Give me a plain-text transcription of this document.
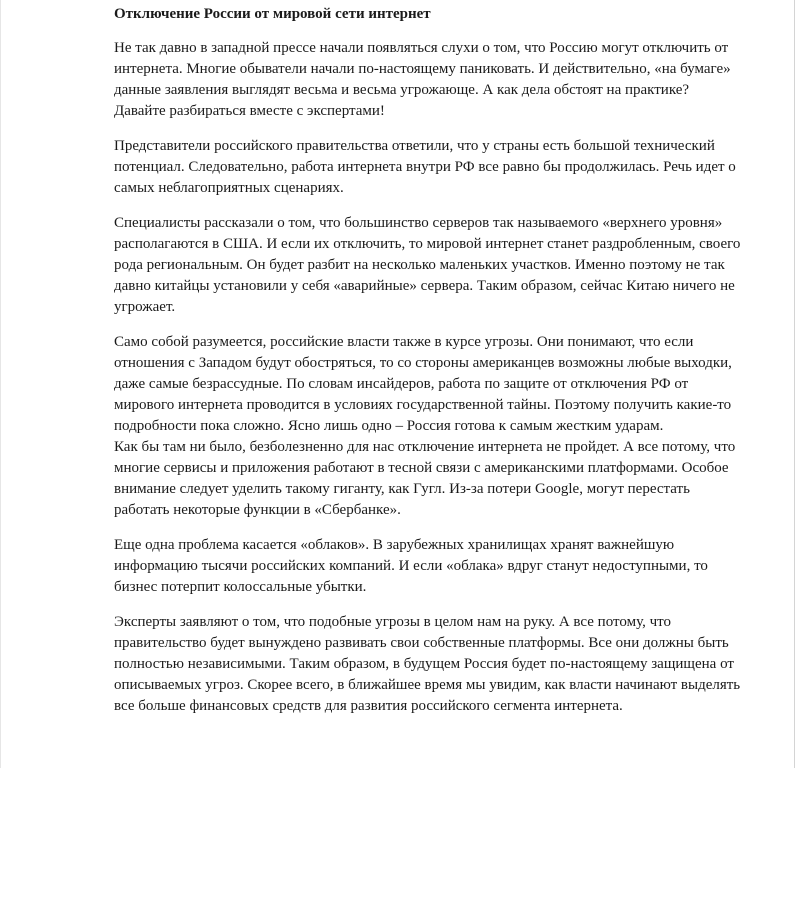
Отключение России от мировой сети интернет

Не так давно в западной прессе начали появляться слухи о том, что Россию могут отключить от интернета. Многие обыватели начали по-настоящему паниковать. И действительно, «на бумаге» данные заявления выглядят весьма и весьма угрожающе. А как дела обстоят на практике? Давайте разбираться вместе с экспертами!

Представители российского правительства ответили, что у страны есть большой технический потенциал. Следовательно, работа интернета внутри РФ все равно бы продолжилась. Речь идет о самых неблагоприятных сценариях.

Специалисты рассказали о том, что большинство серверов так называемого «верхнего уровня» располагаются в США. И если их отключить, то мировой интернет станет раздробленным, своего рода региональным. Он будет разбит на несколько маленьких участков. Именно поэтому не так давно китайцы установили у себя «аварийные» сервера. Таким образом, сейчас Китаю ничего не угрожает.

Само собой разумеется, российские власти также в курсе угрозы. Они понимают, что если отношения с Западом будут обостряться, то со стороны американцев возможны любые выходки, даже самые безрассудные. По словам инсайдеров, работа по защите от отключения РФ от мирового интернета проводится в условиях государственной тайны. Поэтому получить какие-то подробности пока сложно. Ясно лишь одно – Россия готова к самым жестким ударам.

Как бы там ни было, безболезненно для нас отключение интернета не пройдет. А все потому, что многие сервисы и приложения работают в тесной связи с американскими платформами. Особое внимание следует уделить такому гиганту, как Гугл. Из-за потери Google, могут перестать работать некоторые функции в «Сбербанке».

Еще одна проблема касается «облаков». В зарубежных хранилищах хранят важнейшую информацию тысячи российских компаний. И если «облака» вдруг станут недоступными, то бизнес потерпит колоссальные убытки.

Эксперты заявляют о том, что подобные угрозы в целом нам на руку. А все потому, что правительство будет вынуждено развивать свои собственные платформы. Все они должны быть полностью независимыми. Таким образом, в будущем Россия будет по-настоящему защищена от описываемых угроз. Скорее всего, в ближайшее время мы увидим, как власти начинают выделять все больше финансовых средств для развития российского сегмента интернета.
